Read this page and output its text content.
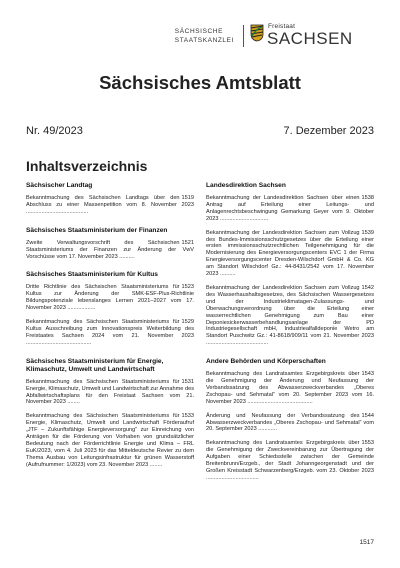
SÄCHSISCHE
STAATSKANZLEI
Freistaat
SACHSEN
Sächsisches Amtsblatt
Nr. 49/2023	7. Dezember 2023
Inhaltsverzeichnis
Sächsischer Landtag
1519
Bekanntmachung des Sächsischen Landtags über den Abschluss zu einer Massenpetition vom 8. November 2023 ........................................
Sächsisches Staatsministerium der Finanzen
1521
Zweite Verwaltungsvorschrift des Sächsischen Staatsministeriums der Finanzen zur Änderung der VwV Vorschüsse vom 17. November 2023 ..........
Sächsisches Staatsministerium für Kultus
1523
Dritte Richtlinie des Sächsischen Staatsministeriums für Kultus zur Änderung der SMK-ESF-Plus-Richtlinie Bildungspotenziale lebenslanges Lernen 2021–2027 vom 17. November 2023 ..................
1529
Bekanntmachung des Sächsischen Staatsministeriums für Kultus Ausschreibung zum Innovationspreis Weiterbildung des Freistaates Sachsen 2024 vom 21. November 2023 ..........................................
Sächsisches Staatsministerium für Energie, Klimaschutz, Umwelt und Landwirtschaft
1531
Bekanntmachung des Sächsischen Staatsministeriums für Energie, Klimaschutz, Umwelt und Landwirtschaft zur Annahme des Abfallwirtschaftsplans für den Freistaat Sachsen vom 21. November 2023 ........
1533
Bekanntmachung des Sächsischen Staatsministeriums für Energie, Klimaschutz, Umwelt und Landwirtschaft Förderaufruf „JTF – Zukunftsfähige Energieversorgung“ zur Einreichung von Anträgen für die Förderung von Vorhaben von grundsätzlicher Bedeutung nach der Förderrichtlinie Energie und Klima – FRL EuK/2023, vom 4. Juli 2023 für das Mitteldeutsche Revier zu dem Thema Ausbau von Leitungsinfrastruktur für grünen Wasserstoff (Aufrufnummer: 1/2023) vom 23. November 2023 ........
Landesdirektion Sachsen
1538
Bekanntmachung der Landesdirektion Sachsen über einen Antrag auf Erteilung einer Leitungs- und Anlagenrechtsbeschwingung Gemarkung Geyer vom 9. Oktober 2023 ...............................
1539
Bekanntmachung der Landesdirektion Sachsen zum Vollzug des Bundes-Immissionsschutzgesetzes über die Erteilung einer ersten immissionsschutzrechtlichen Teilgenehmigung für die Modernisierung des Energieversorgungscenters EVC 1 der Firma Energieversorgungscenter Dresden-Wilschdorf GmbH & Co. KG am Standort Wilschdorf Gz.: 44-8431/2542 vom 17. November 2023 ..........
1542
Bekanntmachung der Landesdirektion Sachsen zum Vollzug des Wasserhaushaltsgesetzes, des Sächsischen Wassergesetzes und der Industrieklimatagen-Zulassungs- und Überwachungsverordnung über die Erteilung einer wasserrechtlichen Genehmigung zum Bau einer Deponiesickerwasserbehandlungsanlage der PD Industriegesellschaft mbH, Industriealfalldeponie Wetro am Standort Puschwitz Gz.: 41-8618/909/11 vom 21. November 2023 ........................................
Andere Behörden und Körperschaften
1543
Bekanntmachung des Landratsamtes Erzgebirgskreis über die Genehmigung der Änderung und Neufassung der Verbandssatzung des Abwasserzweckverbandes „Oberes Zschopau- und Sehmatal“ vom 20. September 2023 vom 16. November 2023 ..........................................
1544
Änderung und Neufassung der Verbandssatzung des Abwasserzweckverbandes „Oberes Zschopau- und Sehmatal“ vom 20. September 2023 ............
1553
Bekanntmachung des Landratsamtes Erzgebirgskreis über die Genehmigung der Zweckvereinbarung zur Übertragung der Aufgaben einer Schiedsstelle zwischen der Gemeinde Breitenbrunn/Erzgeb., der Stadt Johanngeorgenstadt und der Großen Kreisstadt Schwarzenberg/Erzgeb. vom 23. Oktober 2023 ..................................
1517
